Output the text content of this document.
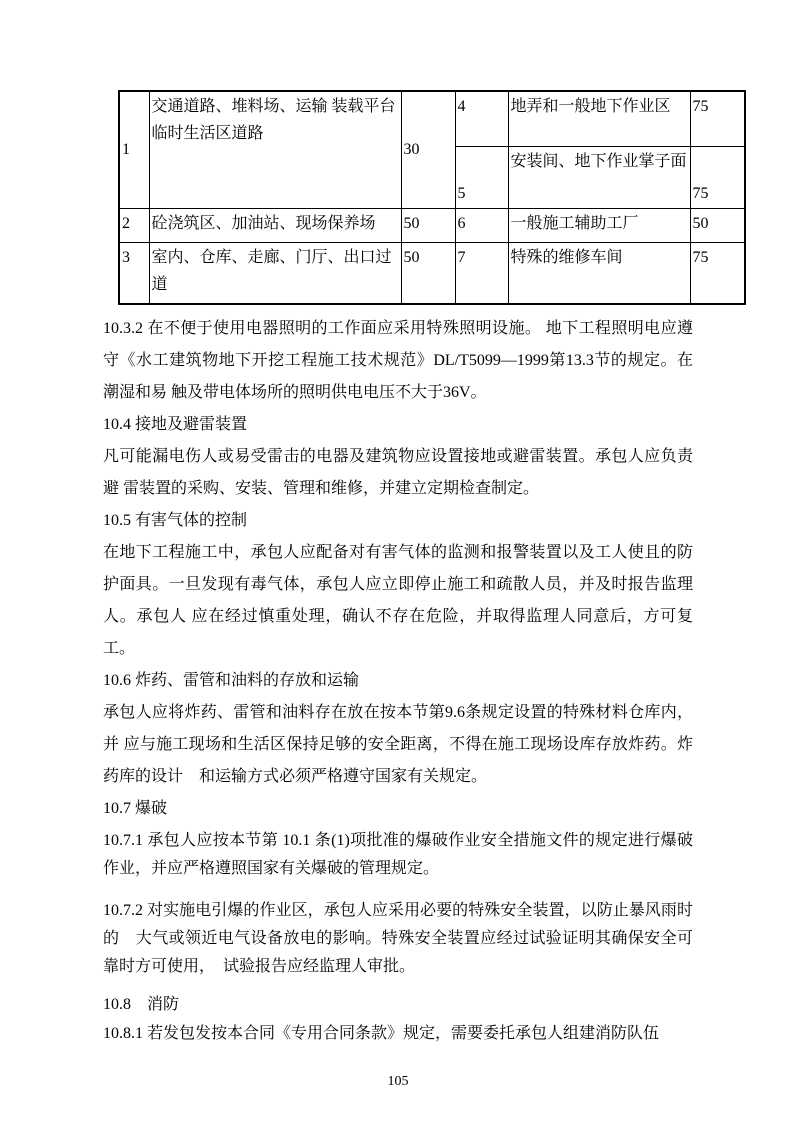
1	交通道路、堆料场、运输 装载平台临时生活区道路	30	4	地弄和一般地下作业区	75
			5	安装间、地下作业掌子面	75
2	砼浇筑区、加油站、现场保养场	50	6	一般施工辅助工厂	50
3	室内、仓库、走廊、门厅、出口过道	50	7	特殊的维修车间	75

10.3.2 在不便于使用电器照明的工作面应采用特殊照明设施。 地下工程照明电应遵守《水工建筑物地下开挖工程施工技术规范》DL/T5099—1999第13.3节的规定。在潮湿和易 触及带电体场所的照明供电电压不大于36V。

10.4 接地及避雷装置

凡可能漏电伤人或易受雷击的电器及建筑物应设置接地或避雷装置。承包人应负责避 雷装置的采购、安装、管理和维修，并建立定期检查制定。

10.5 有害气体的控制

在地下工程施工中，承包人应配备对有害气体的监测和报警装置以及工人使且的防护面具。一旦发现有毒气体，承包人应立即停止施工和疏散人员，并及时报告监理人。承包人 应在经过慎重处理，确认不存在危险，并取得监理人同意后，方可复工。

10.6 炸药、雷管和油料的存放和运输

承包人应将炸药、雷管和油料存在放在按本节第9.6条规定设置的特殊材料仓库内，并 应与施工现场和生活区保持足够的安全距离，不得在施工现场设库存放炸药。炸药库的设计　和运输方式必须严格遵守国家有关规定。

10.7 爆破

10.7.1 承包人应按本节第 10.1 条(1)项批准的爆破作业安全措施文件的规定进行爆破 作业，并应严格遵照国家有关爆破的管理规定。

10.7.2 对实施电引爆的作业区，承包人应采用必要的特殊安全装置，以防止暴风雨时的　大气或领近电气设备放电的影响。特殊安全装置应经过试验证明其确保安全可靠时方可使用，　试验报告应经监理人审批。

10.8　消防

10.8.1 若发包发按本合同《专用合同条款》规定，需要委托承包人组建消防队伍

105
